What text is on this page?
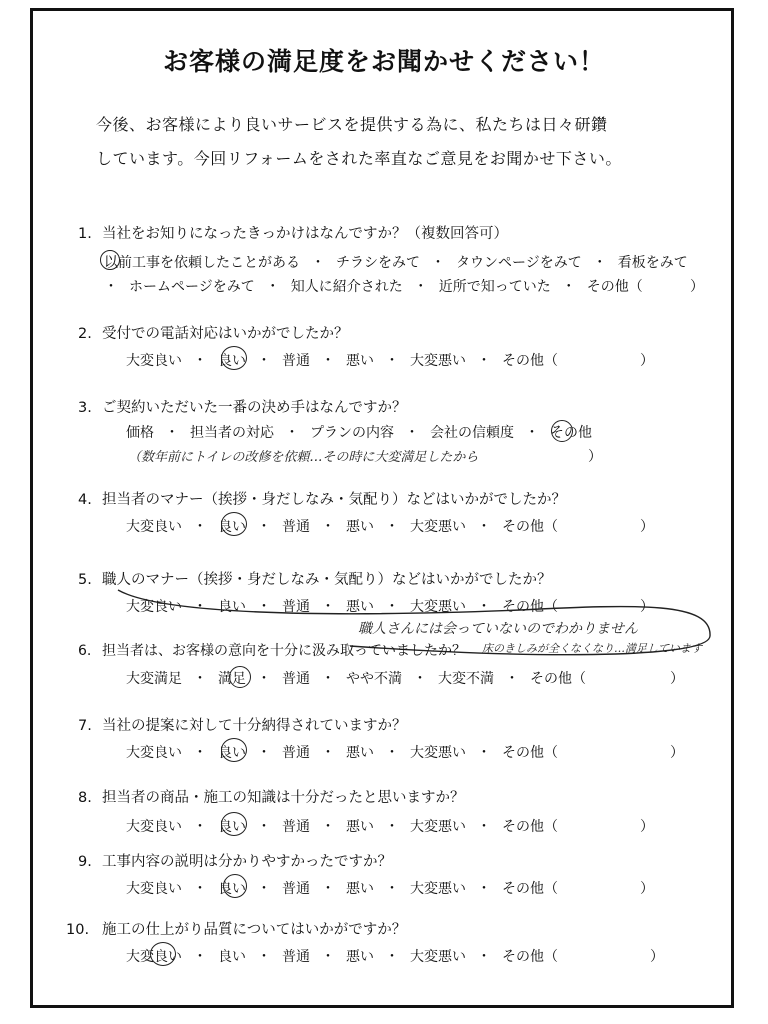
お客様の満足度をお聞かせください！
今後、お客様により良いサービスを提供する為に、私たちは日々研鑽
しています。今回リフォームをされた率直なご意見をお聞かせ下さい。
1. 当社をお知りになったきっかけはなんですか？（複数回答可）
以前工事を依頼したことがある ・ チラシをみて ・ タウンページをみて ・ 看板をみて
・ ホームページをみて ・ 知人に紹介された ・ 近所で知っていた ・ その他（	）
2. 受付での電話対応はいかがでしたか？
大変良い ・ 良い ・ 普通 ・ 悪い ・ 大変悪い ・ その他（	）
3. ご契約いただいた一番の決め手はなんですか？
価格 ・ 担当者の対応 ・ プランの内容 ・ 会社の信頼度 ・ その他
（数年前にトイレの改修を依頼…その時に大変満足したから	）
4. 担当者のマナー（挨拶・身だしなみ・気配り）などはいかがでしたか？
大変良い ・ 良い ・ 普通 ・ 悪い ・ 大変悪い ・ その他（	）
5. 職人のマナー（挨拶・身だしなみ・気配り）などはいかがでしたか？
大変良い ・ 良い ・ 普通 ・ 悪い ・ 大変悪い ・ その他（	）
職人さんには会っていないのでわかりません
床のきしみが全くなくなり…満足しています
6. 担当者は、お客様の意向を十分に汲み取っていましたか？
大変満足 ・ 満足 ・ 普通 ・ やや不満 ・ 大変不満 ・ その他（	）
7. 当社の提案に対して十分納得されていますか？
大変良い ・ 良い ・ 普通 ・ 悪い ・ 大変悪い ・ その他（	）
8. 担当者の商品・施工の知識は十分だったと思いますか？
大変良い ・ 良い ・ 普通 ・ 悪い ・ 大変悪い ・ その他（	）
9. 工事内容の説明は分かりやすかったですか？
大変良い ・ 良い ・ 普通 ・ 悪い ・ 大変悪い ・ その他（	）
10. 施工の仕上がり品質についてはいかがですか？
大変良い ・ 良い ・ 普通 ・ 悪い ・ 大変悪い ・ その他（	）
